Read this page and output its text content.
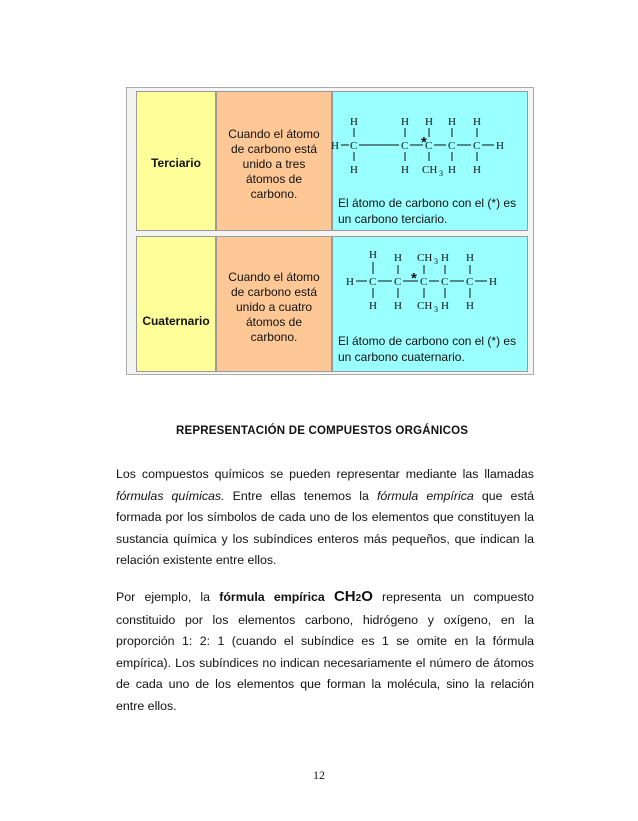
Terciario
Cuando el átomo
de carbono está
unido a tres
átomos de
carbono.
H	H H H H
*
H C	C C C C H
H	H CH 3 H H
El átomo de carbono con el (*) es
un carbono terciario.
Cuaternario
Cuando el átomo
de carbono está
unido a cuatro
átomos de
carbono.
H H CH 3 H H
*
H C C C C C H
H H CH 3 H H
El átomo de carbono con el (*) es
un carbono cuaternario.
REPRESENTACIÓN DE COMPUESTOS ORGÁNICOS
Los compuestos químicos se pueden representar mediante las llamadas fórmulas químicas. Entre ellas tenemos la fórmula empírica que está formada por los símbolos de cada uno de los elementos que constituyen la sustancia química y los subíndices enteros más pequeños, que indican la relación existente entre ellos.
Por ejemplo, la fórmula empírica CH2O representa un compuesto constituido por los elementos carbono, hidrógeno y oxígeno, en la proporción 1: 2: 1 (cuando el subíndice es 1 se omite en la fórmula empírica). Los subíndices no indican necesariamente el número de átomos de cada uno de los elementos que forman la molécula, sino la relación entre ellos.
12
